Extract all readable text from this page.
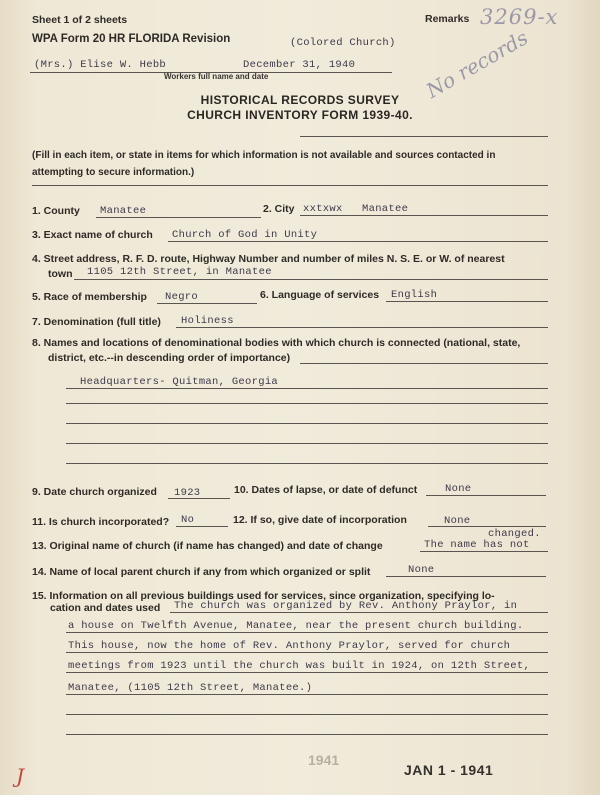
Sheet 1 of 2 sheets
WPA Form 20 HR FLORIDA Revision	(Colored Church)
Remarks 3269-x
(Mrs.) Elise W. Hebb	December 31, 1940
Workers full name and date	No records
HISTORICAL RECORDS SURVEY
CHURCH INVENTORY FORM 1939-40.
(Fill in each item, or state in items for which information is not available and sources contacted in
attempting to secure information.)
1. County Manatee	2. City xxtxwx Manatee
3. Exact name of church Church of God in Unity
4. Street address, R. F. D. route, Highway Number and number of miles N. S. E. or W. of nearest
town 1105 12th Street, in Manatee
5. Race of membership Negro	6. Language of services English
7. Denomination (full title) Holiness
8. Names and locations of denominational bodies with which church is connected (national, state,
district, etc.--in descending order of importance)
Headquarters- Quitman, Georgia
9. Date church organized 1923	10. Dates of lapse, or date of defunct	None
11. Is church incorporated? No	12. If so, give date of incorporation	None
changed.
13. Original name of church (if name has changed) and date of change	The name has not
14. Name of local parent church if any from which organized or split	None
15. Information on all previous buildings used for services, since organization, specifying lo-
cation and dates used The church was organized by Rev. Anthony Praylor, in
a house on Twelfth Avenue, Manatee, near the present church building.
This house, now the home of Rev. Anthony Praylor, served for church
meetings from 1923 until the church was built in 1924, on 12th Street,
Manatee, (1105 12th Street, Manatee.)
1941
JAN 1 - 1941
J
